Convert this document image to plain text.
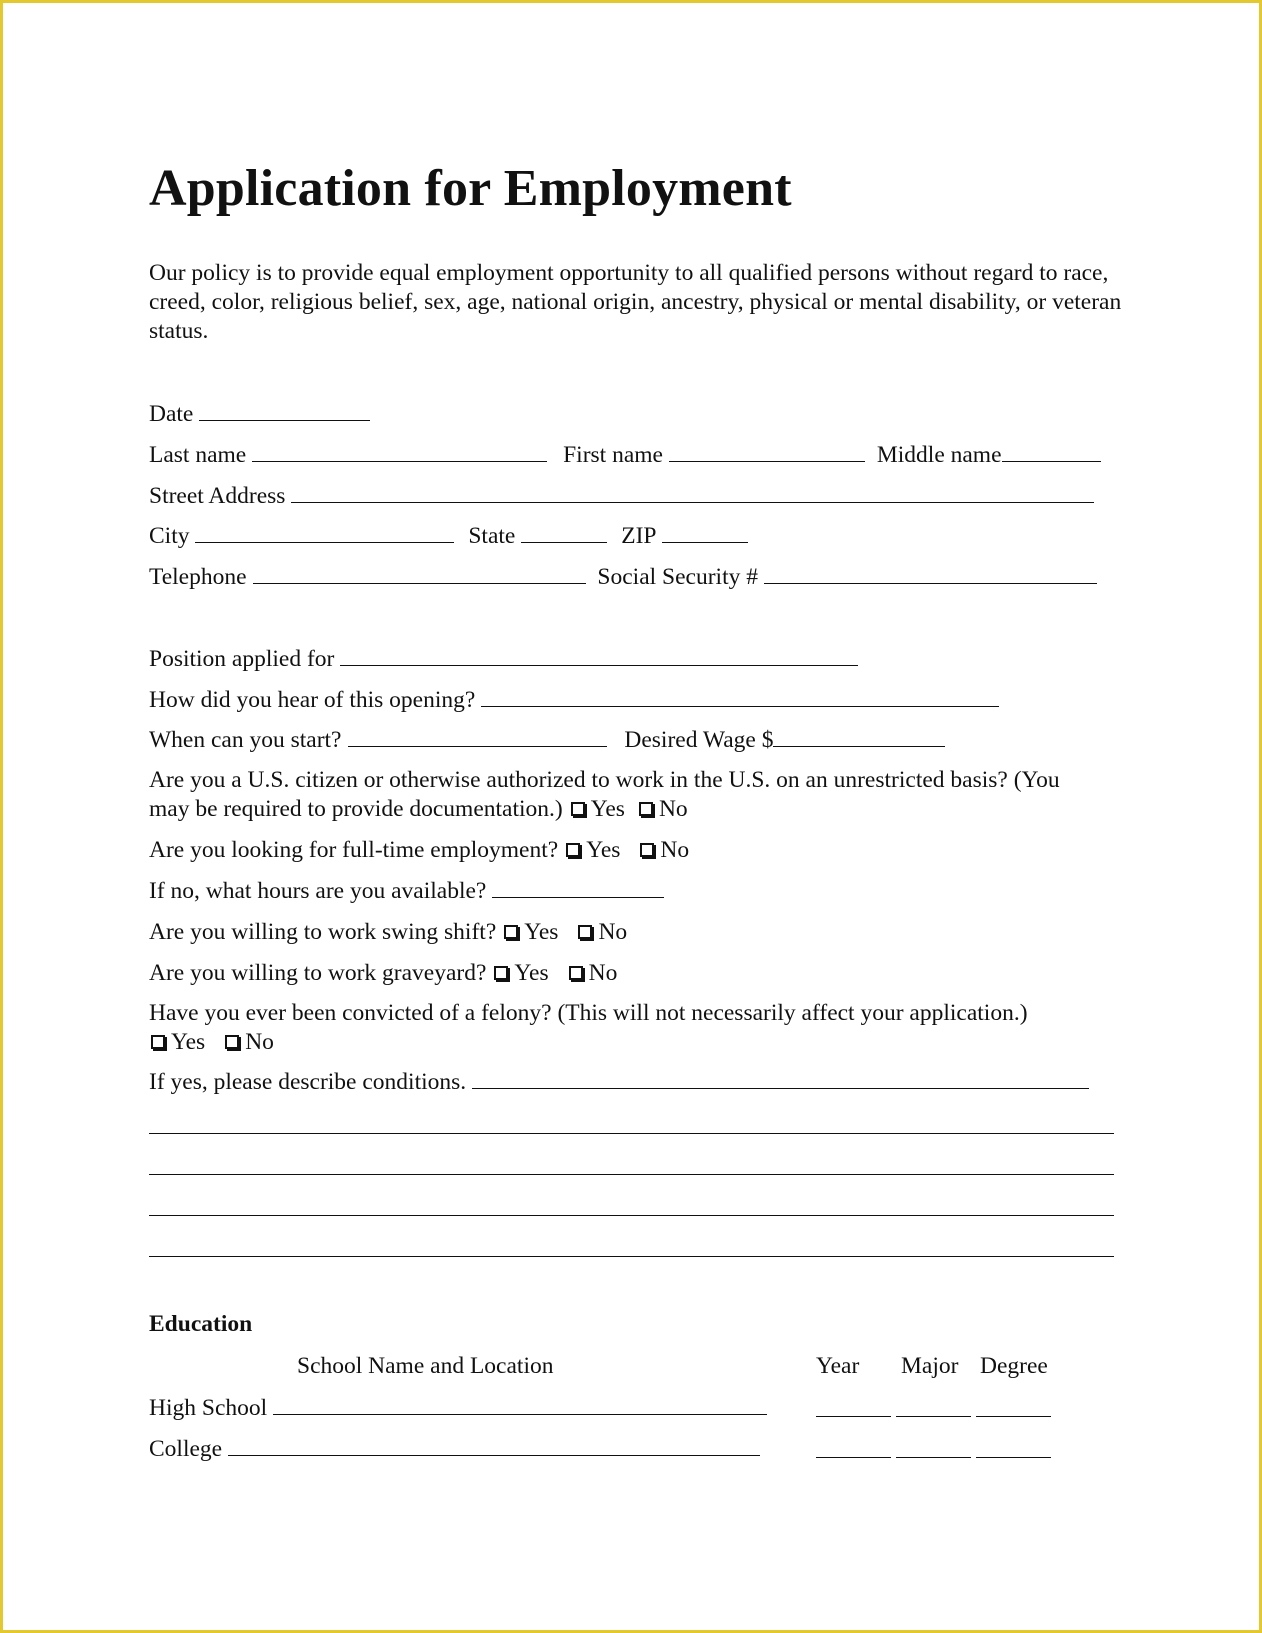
Application for Employment

Our policy is to provide equal employment opportunity to all qualified persons without regard to race, creed, color, religious belief, sex, age, national origin, ancestry, physical or mental disability, or veteran status.

Date
Last name	First name	Middle name
Street Address
City	State	ZIP
Telephone	Social Security #
Position applied for
How did you hear of this opening?
When can you start?	Desired Wage $
Are you a U.S. citizen or otherwise authorized to work in the U.S. on an unrestricted basis? (You
may be required to provide documentation.) Yes No
Are you looking for full-time employment? Yes No
If no, what hours are you available?
Are you willing to work swing shift? Yes No
Are you willing to work graveyard? Yes No
Have you ever been convicted of a felony? (This will not necessarily affect your application.)
Yes No
If yes, please describe conditions.
Education
School Name and Location	Year Major Degree
High School
College
